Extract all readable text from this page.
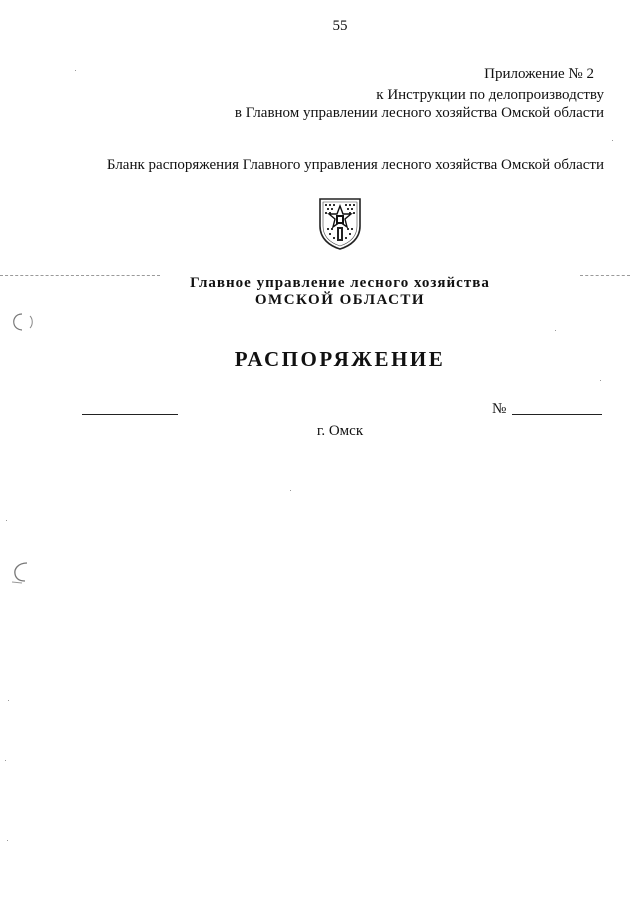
55
Приложение № 2
к Инструкции по делопроизводству
в Главном управлении лесного хозяйства Омской области
Бланк распоряжения Главного управления лесного хозяйства Омской области
Главное управление лесного хозяйства
ОМСКОЙ ОБЛАСТИ
РАСПОРЯЖЕНИЕ
№
г. Омск
